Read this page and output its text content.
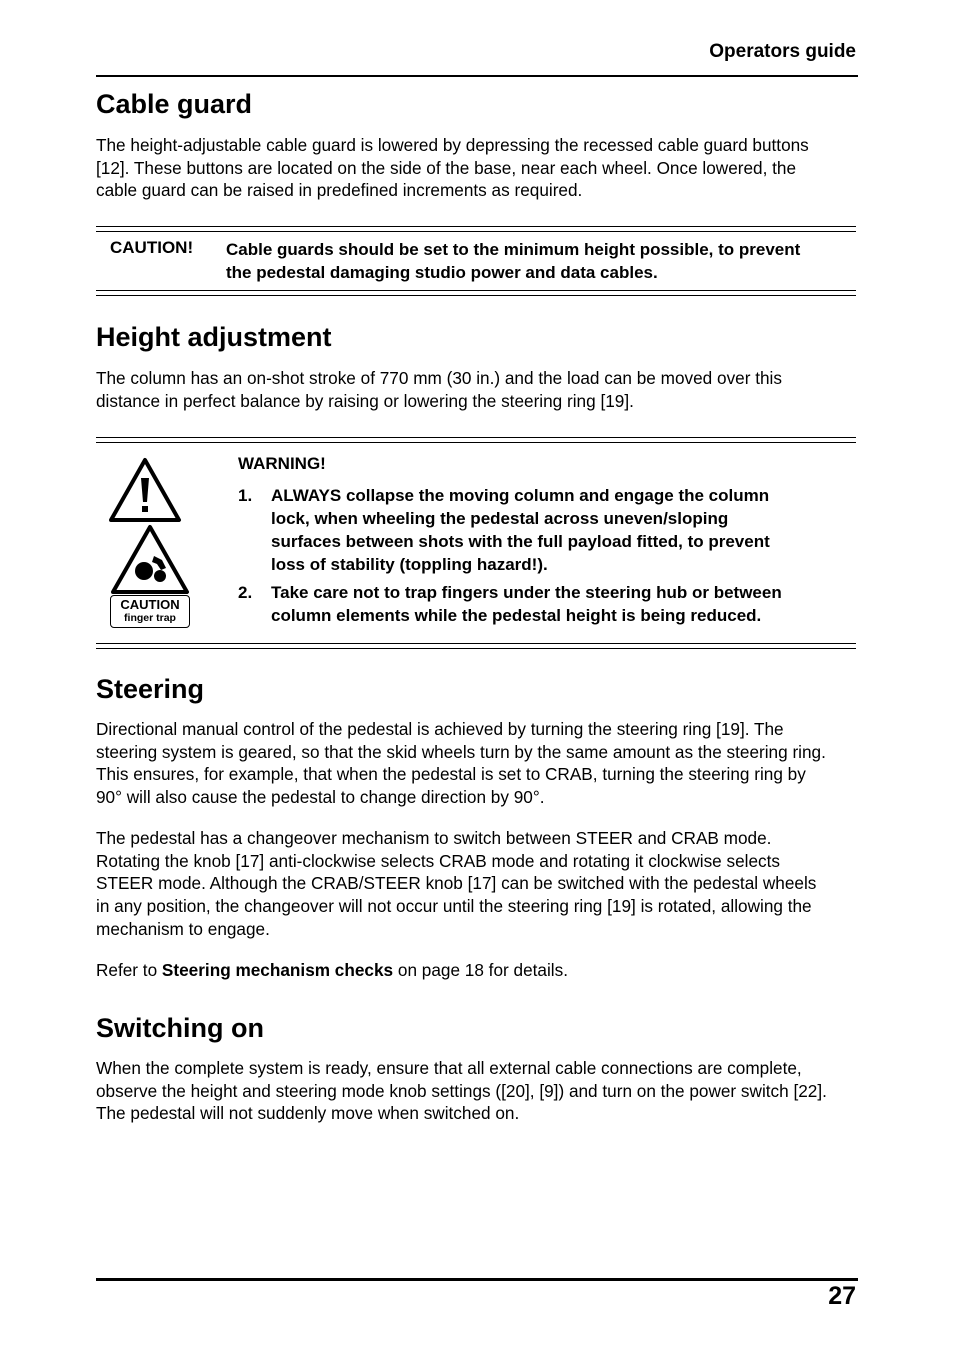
Operators guide
Cable guard

The height-adjustable cable guard is lowered by depressing the recessed cable guard buttons
[12]. These buttons are located on the side of the base, near each wheel. Once lowered, the
cable guard can be raised in predefined increments as required.

CAUTION! Cable guards should be set to the minimum height possible, to prevent
the pedestal damaging studio power and data cables.
Height adjustment

The column has an on-shot stroke of 770 mm (30 in.) and the load can be moved over this
distance in perfect balance by raising or lowering the steering ring [19].

CAUTION
finger trap
WARNING!
1. ALWAYS collapse the moving column and engage the column
lock, when wheeling the pedestal across uneven/sloping
surfaces between shots with the full payload fitted, to prevent
loss of stability (toppling hazard!).
2. Take care not to trap fingers under the steering hub or between
column elements while the pedestal height is being reduced.
Steering

Directional manual control of the pedestal is achieved by turning the steering ring [19]. The
steering system is geared, so that the skid wheels turn by the same amount as the steering ring.
This ensures, for example, that when the pedestal is set to CRAB, turning the steering ring by
90° will also cause the pedestal to change direction by 90°.

The pedestal has a changeover mechanism to switch between STEER and CRAB mode.
Rotating the knob [17] anti-clockwise selects CRAB mode and rotating it clockwise selects
STEER mode. Although the CRAB/STEER knob [17] can be switched with the pedestal wheels
in any position, the changeover will not occur until the steering ring [19] is rotated, allowing the
mechanism to engage.

Refer to Steering mechanism checks on page 18 for details.

Switching on

When the complete system is ready, ensure that all external cable connections are complete,
observe the height and steering mode knob settings ([20], [9]) and turn on the power switch [22].
The pedestal will not suddenly move when switched on.

27
